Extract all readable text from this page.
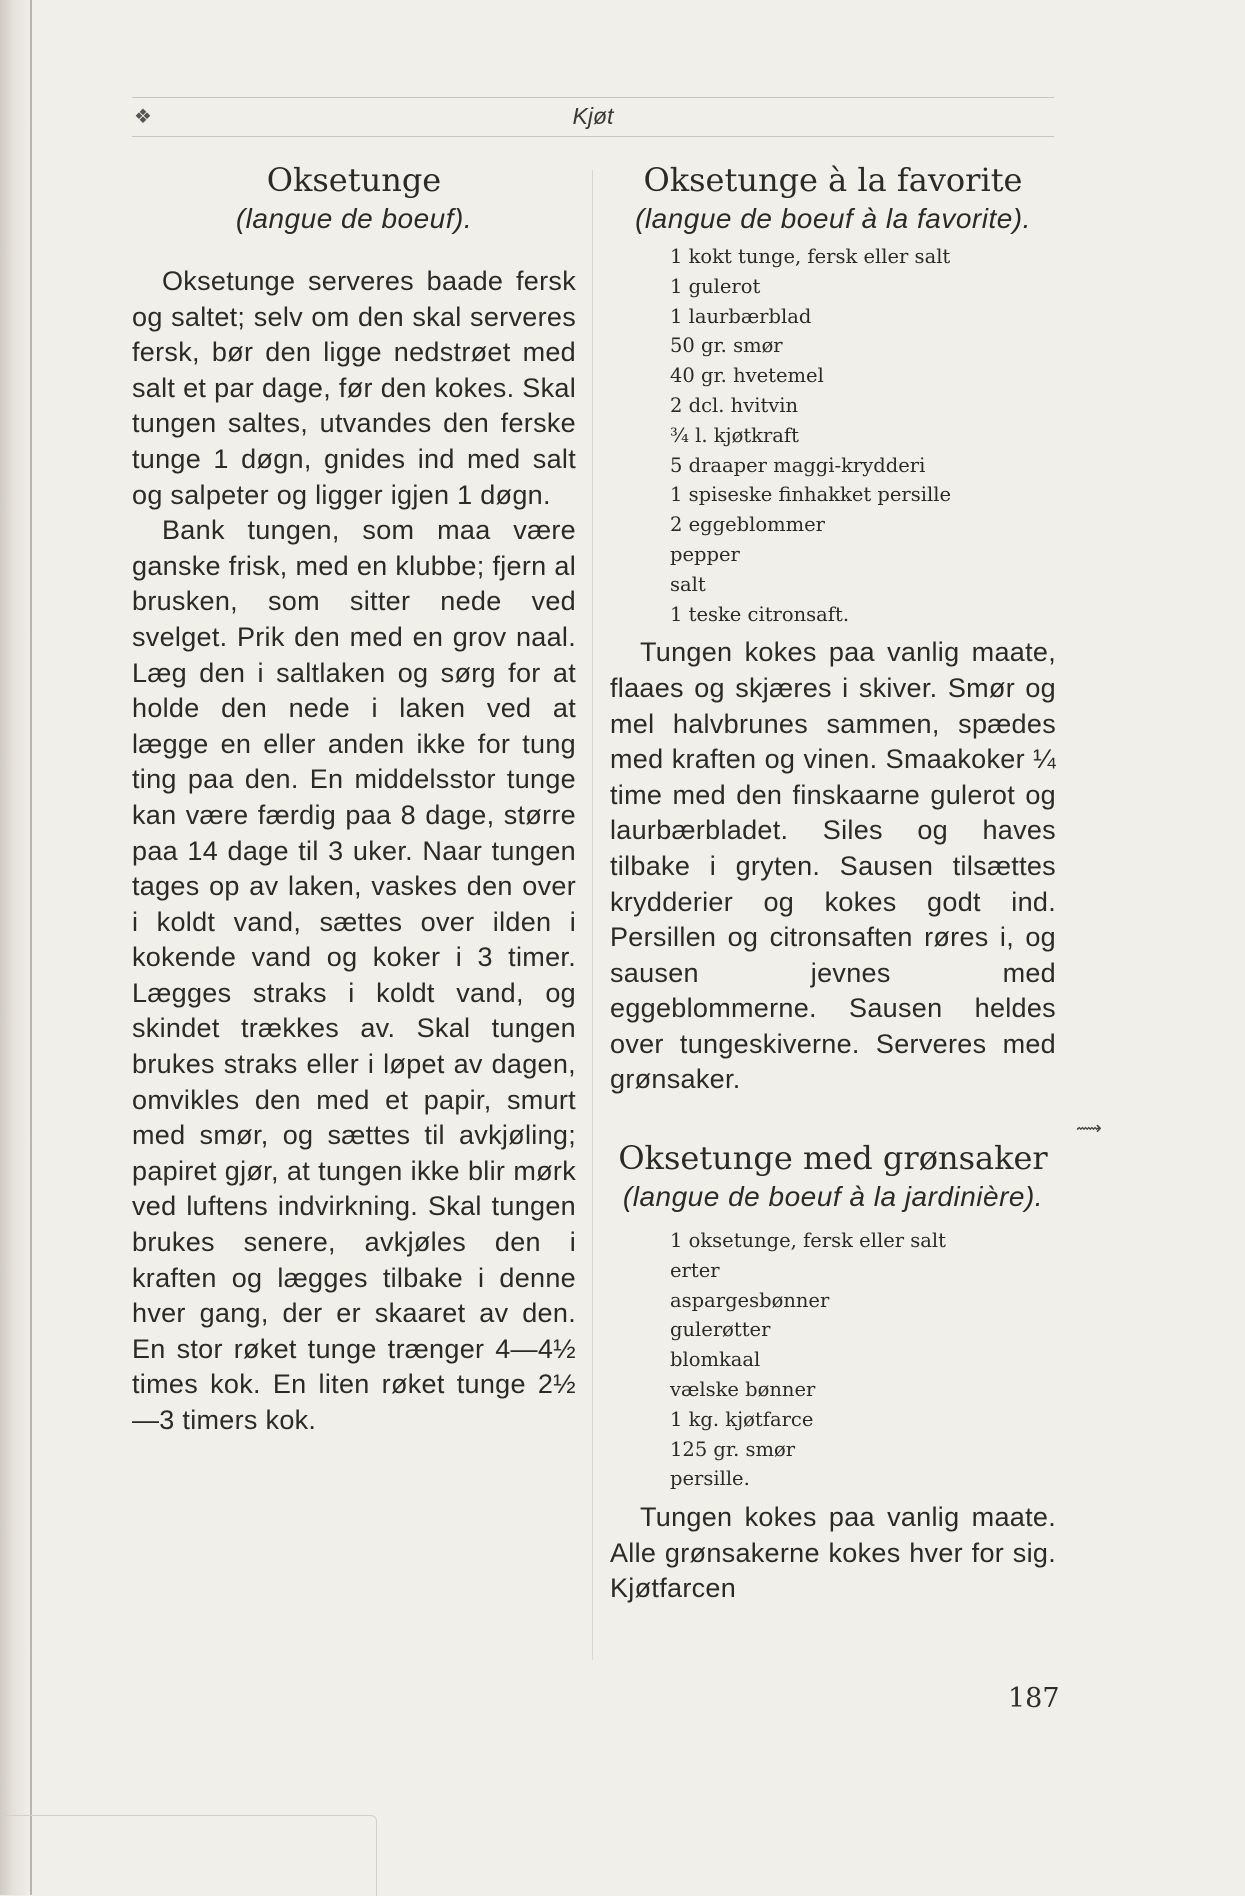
❖	Kjøt
Oksetunge
(langue de boeuf).

Oksetunge serveres baade fersk og saltet; selv om den skal serveres fersk, bør den ligge nedstrøet med salt et par dage, før den kokes. Skal tungen saltes, utvandes den ferske tunge 1 døgn, gnides ind med salt og salpeter og ligger igjen 1 døgn.

Bank tungen, som maa være ganske frisk, med en klubbe; fjern al brusken, som sitter nede ved svelget. Prik den med en grov naal. Læg den i saltlaken og sørg for at holde den nede i laken ved at lægge en eller anden ikke for tung ting paa den. En middelsstor tunge kan være færdig paa 8 dage, større paa 14 dage til 3 uker. Naar tungen tages op av laken, vaskes den over i koldt vand, sættes over ilden i kokende vand og koker i 3 timer. Lægges straks i koldt vand, og skindet trækkes av. Skal tungen brukes straks eller i løpet av dagen, omvikles den med et papir, smurt med smør, og sættes til avkjøling; papiret gjør, at tungen ikke blir mørk ved luftens indvirkning. Skal tungen brukes senere, avkjøles den i kraften og lægges tilbake i denne hver gang, der er skaaret av den. En stor røket tunge trænger 4—4½ times kok. En liten røket tunge 2½—3 timers kok.

Oksetunge à la favorite
(langue de boeuf à la favorite).
1 kokt tunge, fersk eller salt
1 gulerot
1 laurbærblad
50 gr. smør
40 gr. hvetemel
2 dcl. hvitvin
¾ l. kjøtkraft
5 draaper maggi-krydderi
1 spiseske finhakket persille
2 eggeblommer
pepper
salt
1 teske citronsaft.

Tungen kokes paa vanlig maate, flaaes og skjæres i skiver. Smør og mel halvbrunes sammen, spædes med kraften og vinen. Smaakoker ¼ time med den finskaarne gulerot og laurbærbladet. Siles og haves tilbake i gryten. Sausen tilsættes krydderier og kokes godt ind. Persillen og citronsaften røres i, og sausen jevnes med eggeblommerne. Sausen heldes over tungeskiverne. Serveres med grønsaker.

Oksetunge med grønsaker
(langue de boeuf à la jardinière).
1 oksetunge, fersk eller salt
erter
aspargesbønner
gulerøtter
blomkaal
vælske bønner
1 kg. kjøtfarce
125 gr. smør
persille.

Tungen kokes paa vanlig maate. Alle grønsakerne kokes hver for sig. Kjøtfarcen

⟿
187
